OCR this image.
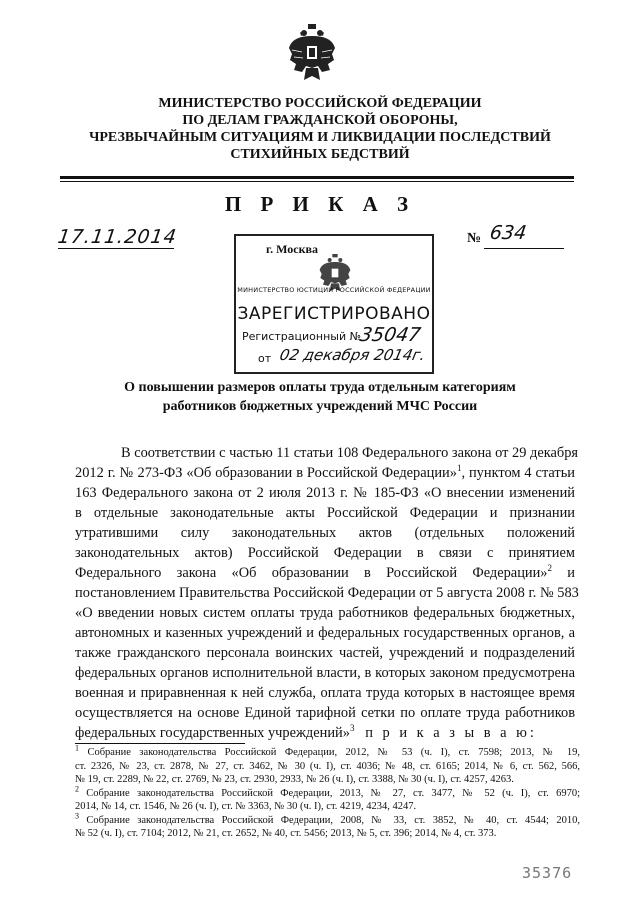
МИНИСТЕРСТВО РОССИЙСКОЙ ФЕДЕРАЦИИ
ПО ДЕЛАМ ГРАЖДАНСКОЙ ОБОРОНЫ,
ЧРЕЗВЫЧАЙНЫМ СИТУАЦИЯМ И ЛИКВИДАЦИИ ПОСЛЕДСТВИЙ
СТИХИЙНЫХ БЕДСТВИЙ
П Р И К А З
17.11.2014	№ 634
г. Москва
МИНИСТЕРСТВО ЮСТИЦИИ РОССИЙСКОЙ ФЕДЕРАЦИИ
ЗАРЕГИСТРИРОВАНО
Регистрационный №
35047
от 02 декабря 2014г.
О повышении размеров оплаты труда отдельным категориям
работников бюджетных учреждений МЧС России
В соответствии с частью 11 статьи 108 Федерального закона от 29 декабря
2012 г. № 273-ФЗ «Об образовании в Российской Федерации»$^1$, пунктом 4 статьи
163 Федерального закона от 2 июля 2013 г. № 185-ФЗ «О внесении изменений
в отдельные законодательные акты Российской Федерации и признании
утратившими силу законодательных актов (отдельных положений
законодательных актов) Российской Федерации в связи с принятием
Федерального закона «Об образовании в Российской Федерации»$^2$ и
постановлением Правительства Российской Федерации от 5 августа 2008 г. № 583
«О введении новых систем оплаты труда работников федеральных бюджетных,
автономных и казенных учреждений и федеральных государственных органов, а
также гражданского персонала воинских частей, учреждений и подразделений
федеральных органов исполнительной власти, в которых законом предусмотрена
военная и приравненная к ней служба, оплата труда которых в настоящее время
осуществляется на основе Единой тарифной сетки по оплате труда работников
федеральных государственных учреждений»$^3$ п р и к а з ы в а ю:
$^1$ Собрание законодательства Российской Федерации, 2012, № 53 (ч. I), ст. 7598; 2013, № 19,
ст. 2326, № 23, ст. 2878, № 27, ст. 3462, № 30 (ч. I), ст. 4036; № 48, ст. 6165; 2014, № 6, ст. 562, 566,
№ 19, ст. 2289, № 22, ст. 2769, № 23, ст. 2930, 2933, № 26 (ч. I), ст. 3388, № 30 (ч. I), ст. 4257, 4263.
$^2$ Собрание законодательства Российской Федерации, 2013, № 27, ст. 3477, № 52 (ч. I), ст. 6970;
2014, № 14, ст. 1546, № 26 (ч. I), ст. № 3363, № 30 (ч. I), ст. 4219, 4234, 4247.
$^3$ Собрание законодательства Российской Федерации, 2008, № 33, ст. 3852, № 40, ст. 4544; 2010,
№ 52 (ч. I), ст. 7104; 2012, № 21, ст. 2652, № 40, ст. 5456; 2013, № 5, ст. 396; 2014, № 4, ст. 373.
35376
